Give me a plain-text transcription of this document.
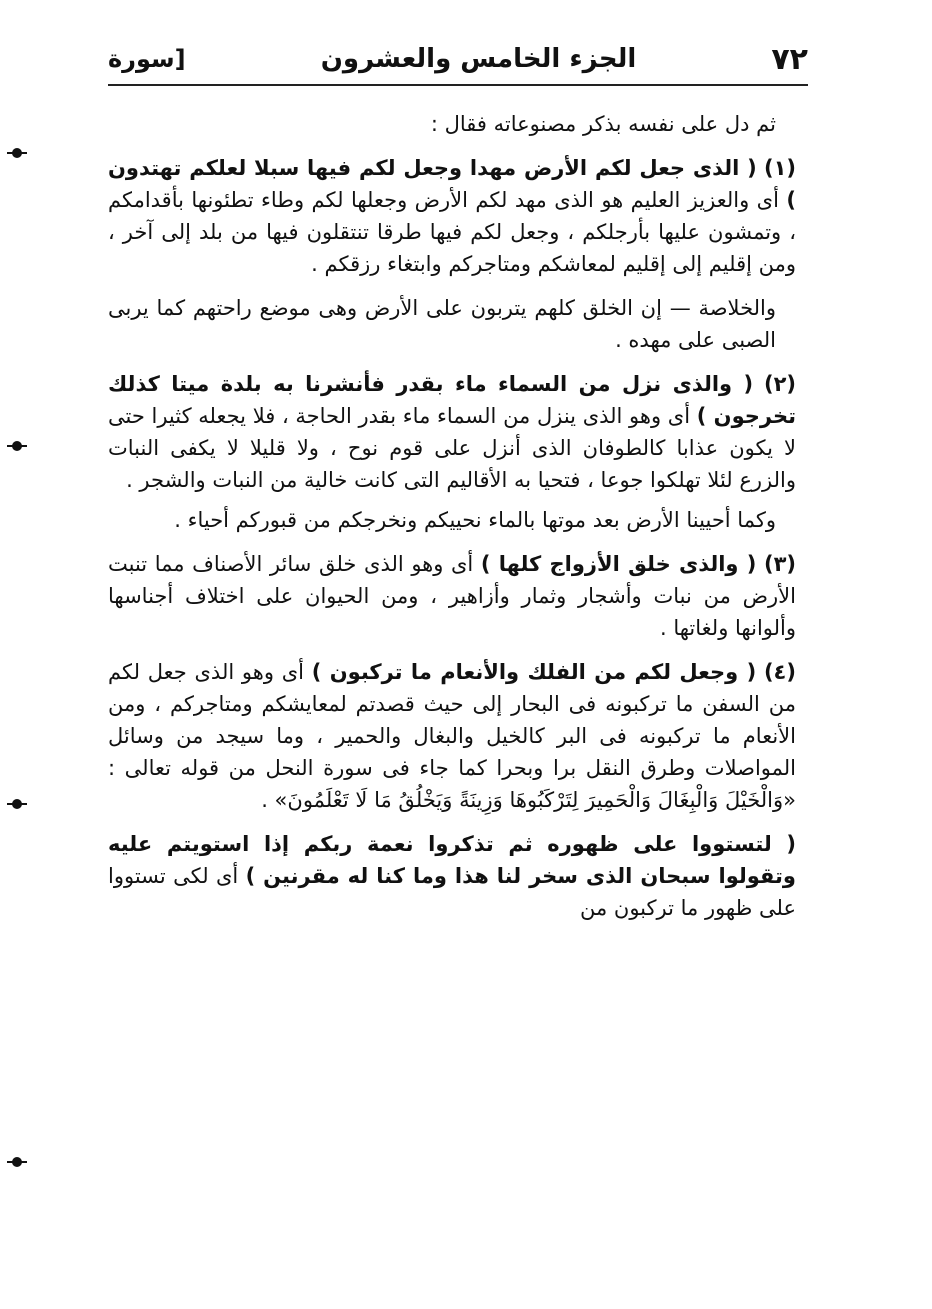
٧٢
الجزء الخامس والعشرون
[سورة

ثم دل على نفسه بذكر مصنوعاته فقال :

(١) ( الذى جعل لكم الأرض مهدا وجعل لكم فيها سبلا لعلكم تهتدون ) أى والعزيز العليم هو الذى مهد لكم الأرض وجعلها لكم وطاء تطئونها بأقدامكم ، وتمشون عليها بأرجلكم ، وجعل لكم فيها طرقا تنتقلون فيها من بلد إلى آخر ، ومن إقليم إلى إقليم لمعاشكم ومتاجركم وابتغاء رزقكم .

والخلاصة — إن الخلق كلهم يتربون على الأرض وهى موضع راحتهم كما يربى الصبى على مهده .

(٢) ( والذى نزل من السماء ماء بقدر فأنشرنا به بلدة ميتا كذلك تخرجون ) أى وهو الذى ينزل من السماء ماء بقدر الحاجة ، فلا يجعله كثيرا حتى لا يكون عذابا كالطوفان الذى أنزل على قوم نوح ، ولا قليلا لا يكفى النبات والزرع لئلا تهلكوا جوعا ، فتحيا به الأقاليم التى كانت خالية من النبات والشجر .

وكما أحيينا الأرض بعد موتها بالماء نحييكم ونخرجكم من قبوركم أحياء .

(٣) ( والذى خلق الأزواج كلها ) أى وهو الذى خلق سائر الأصناف مما تنبت الأرض من نبات وأشجار وثمار وأزاهير ، ومن الحيوان على اختلاف أجناسها وألوانها ولغاتها .

(٤) ( وجعل لكم من الفلك والأنعام ما تركبون ) أى وهو الذى جعل لكم من السفن ما تركبونه فى البحار إلى حيث قصدتم لمعايشكم ومتاجركم ، ومن الأنعام ما تركبونه فى البر كالخيل والبغال والحمير ، وما سيجد من وسائل المواصلات وطرق النقل برا وبحرا كما جاء فى سورة النحل من قوله تعالى : «وَالْخَيْلَ وَالْبِغَالَ وَالْحَمِيرَ لِتَرْكَبُوهَا وَزِينَةً وَيَخْلُقُ مَا لَا تَعْلَمُونَ» .

( لتستووا على ظهوره ثم تذكروا نعمة ربكم إذا استويتم عليه وتقولوا سبحان الذى سخر لنا هذا وما كنا له مقرنين ) أى لكى تستووا على ظهور ما تركبون من
